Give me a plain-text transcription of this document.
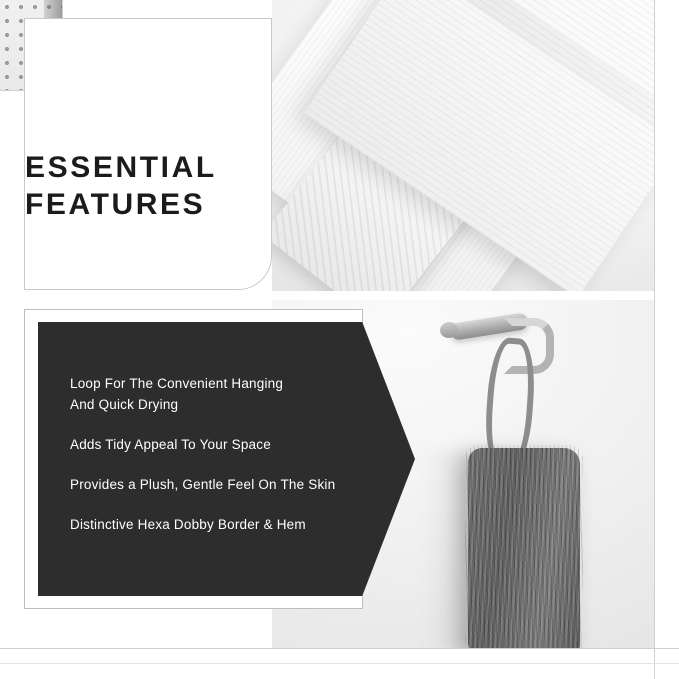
ESSENTIAL
FEATURES
Loop For The Convenient Hanging
And Quick Drying
Adds Tidy Appeal To Your Space
Provides a Plush, Gentle Feel On The Skin
Distinctive Hexa Dobby Border & Hem
